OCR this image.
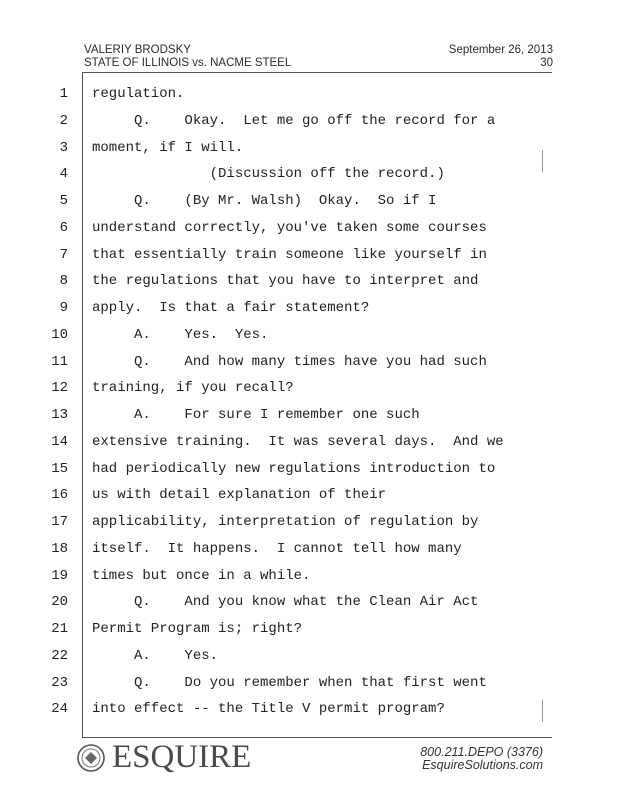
VALERIY BRODSKY
STATE OF ILLINOIS vs. NACME STEEL
September 26, 2013
30
1
2
3
4
5
6
7
8
9
10
11
12
13
14
15
16
17
18
19
20
21
22
23
24
regulation.
Q.    Okay.  Let me go off the record for a
moment, if I will.
(Discussion off the record.)
Q.    (By Mr. Walsh)  Okay.  So if I
understand correctly, you've taken some courses
that essentially train someone like yourself in
the regulations that you have to interpret and
apply.  Is that a fair statement?
A.    Yes.  Yes.
Q.    And how many times have you had such
training, if you recall?
A.    For sure I remember one such
extensive training.  It was several days.  And we
had periodically new regulations introduction to
us with detail explanation of their
applicability, interpretation of regulation by
itself.  It happens.  I cannot tell how many
times but once in a while.
Q.    And you know what the Clean Air Act
Permit Program is; right?
A.    Yes.
Q.    Do you remember when that first went
into effect -- the Title V permit program?
ESQUIRE	800.211.DEPO (3376)
EsquireSolutions.com
